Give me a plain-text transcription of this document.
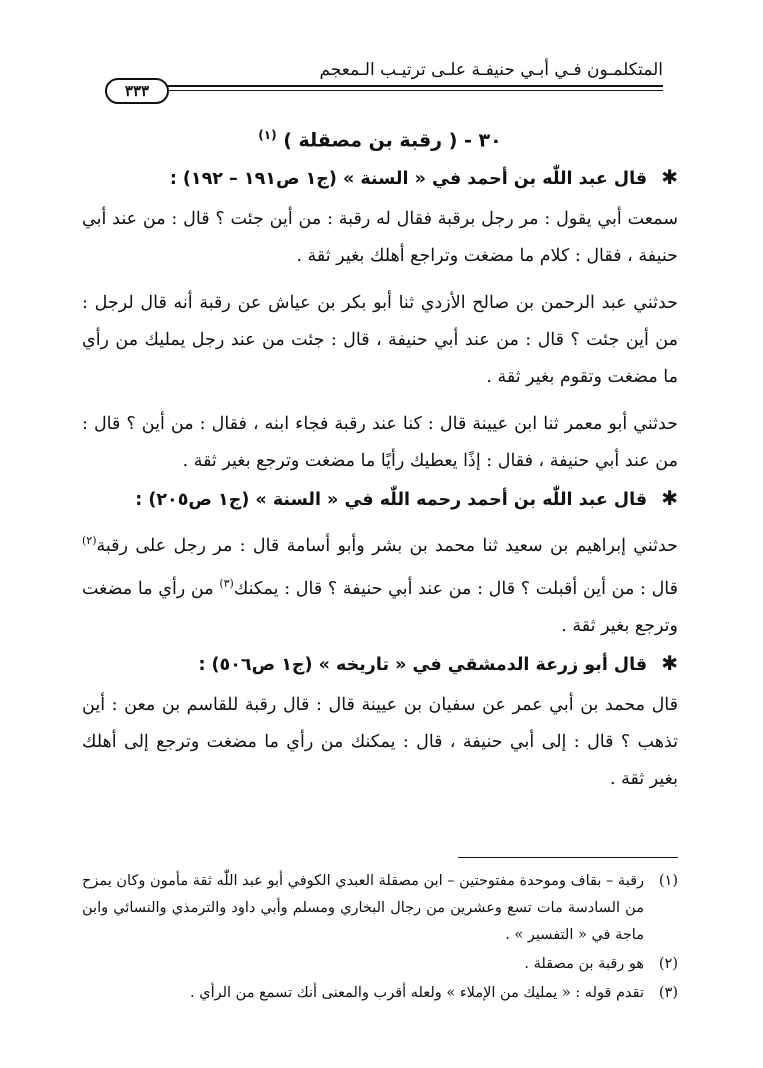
المتكلمـون فـي أبـي حنيفـة علـى ترتيـب الـمعجم
٣٣٣
٣٠ - ( رقبة بن مصقلة ) $^{(١)}$
✱ قال عبد اللّٰه بن أحمد في « السنة » (ج١ ص١٩١ – ١٩٢) :

سمعت أبي يقول : مر رجل برقبة فقال له رقبة : من أين جئت ؟ قال : من عند أبي حنيفة ، فقال : كلام ما مضغت وتراجع أهلك بغير ثقة .

حدثني عبد الرحمن بن صالح الأزدي ثنا أبو بكر بن عياش عن رقبة أنه قال لرجل : من أين جئت ؟ قال : من عند أبي حنيفة ، قال : جئت من عند رجل يمليك من رأي ما مضغت وتقوم بغير ثقة .

حدثني أبو معمر ثنا ابن عيينة قال : كنا عند رقبة فجاء ابنه ، فقال : من أين ؟ قال : من عند أبي حنيفة ، فقال : إذًا يعطيك رأيًا ما مضغت وترجع بغير ثقة .

✱ قال عبد اللّٰه بن أحمد رحمه اللّٰه في « السنة » (ج١ ص٢٠٥) :

حدثني إبراهيم بن سعيد ثنا محمد بن بشر وأبو أسامة قال : مر رجل على رقبة$^{(٢)}$ قال : من أين أقبلت ؟ قال : من عند أبي حنيفة ؟ قال : يمكنك$^{(٣)}$ من رأي ما مضغت وترجع بغير ثقة .

✱ قال أبو زرعة الدمشقي في « تاريخه » (ج١ ص٥٠٦) :

قال محمد بن أبي عمر عن سفيان بن عيينة قال : قال رقبة للقاسم بن معن : أين تذهب ؟ قال : إلى أبي حنيفة ، قال : يمكنك من رأي ما مضغت وترجع إلى أهلك بغير ثقة .

(١)
رقبة – بقاف وموحدة مفتوحتين – ابن مصقلة العبدي الكوفي أبو عبد اللّٰه ثقة مأمون وكان يمزح من السادسة مات تسع وعشرين من رجال البخاري ومسلم وأبي داود والترمذي والنسائي وابن ماجة في « التفسير » .
(٢)
هو رقبة بن مصقلة .
(٣)
تقدم قوله : « يمليك من الإملاء » ولعله أقرب والمعنى أنك تسمع من الرأي .
